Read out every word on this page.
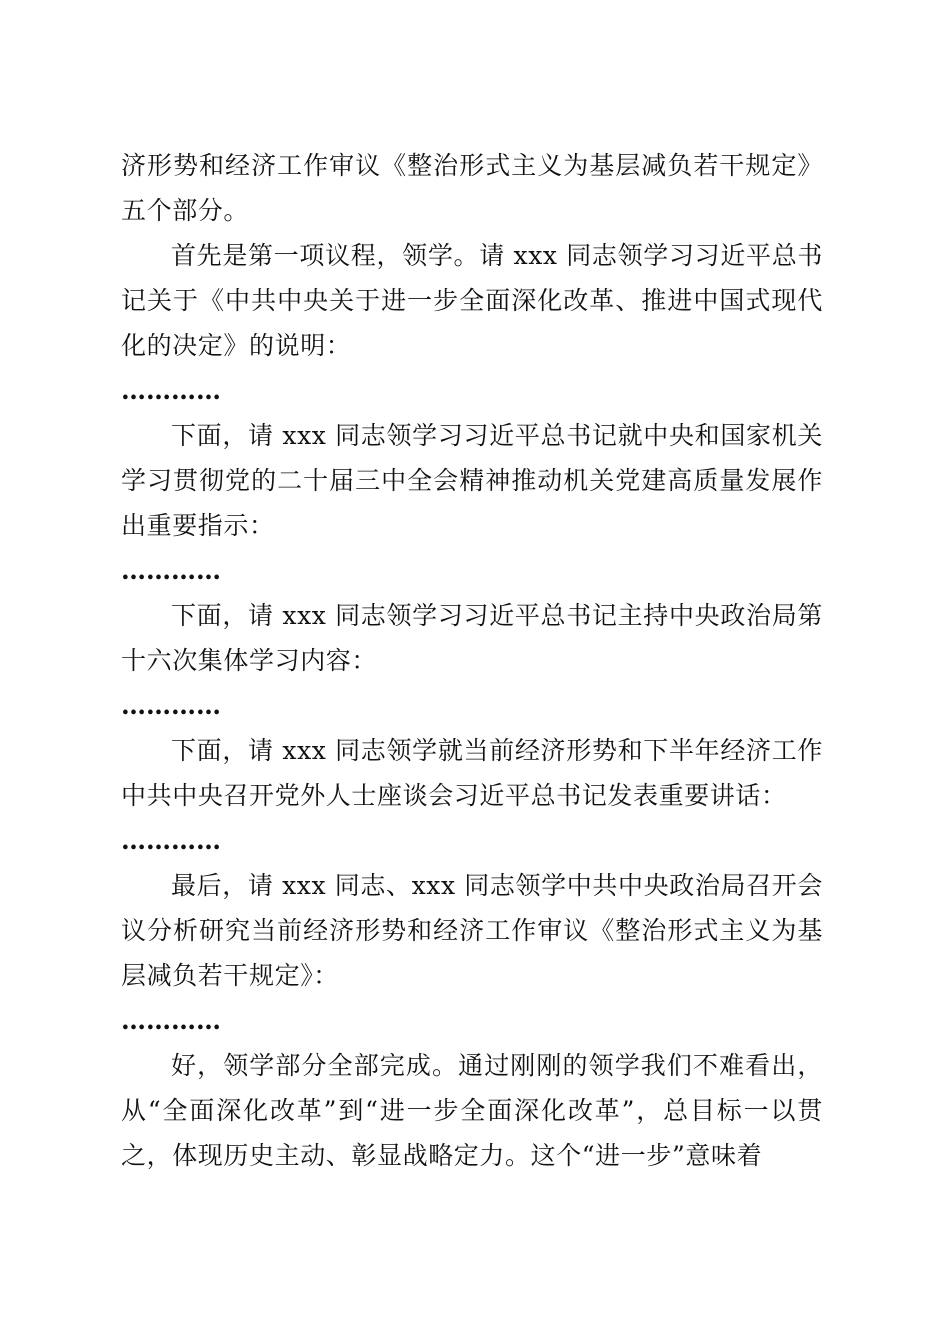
济形势和经济工作审议《整治形式主义为基层减负若干规定》五个部分。

首先是第一项议程，领学。请 xxx 同志领学习习近平总书记关于《中共中央关于进一步全面深化改革、推进中国式现代化的决定》的说明：

…………

下面，请 xxx 同志领学习习近平总书记就中央和国家机关学习贯彻党的二十届三中全会精神推动机关党建高质量发展作出重要指示：

…………

下面，请 xxx 同志领学习习近平总书记主持中央政治局第十六次集体学习内容：

…………

下面，请 xxx 同志领学就当前经济形势和下半年经济工作中共中央召开党外人士座谈会习近平总书记发表重要讲话：

…………

最后，请 xxx 同志、xxx 同志领学中共中央政治局召开会议分析研究当前经济形势和经济工作审议《整治形式主义为基层减负若干规定》：

…………

好，领学部分全部完成。通过刚刚的领学我们不难看出，从“全面深化改革”到“进一步全面深化改革”，总目标一以贯之，体现历史主动、彰显战略定力。这个“进一步”意味着
